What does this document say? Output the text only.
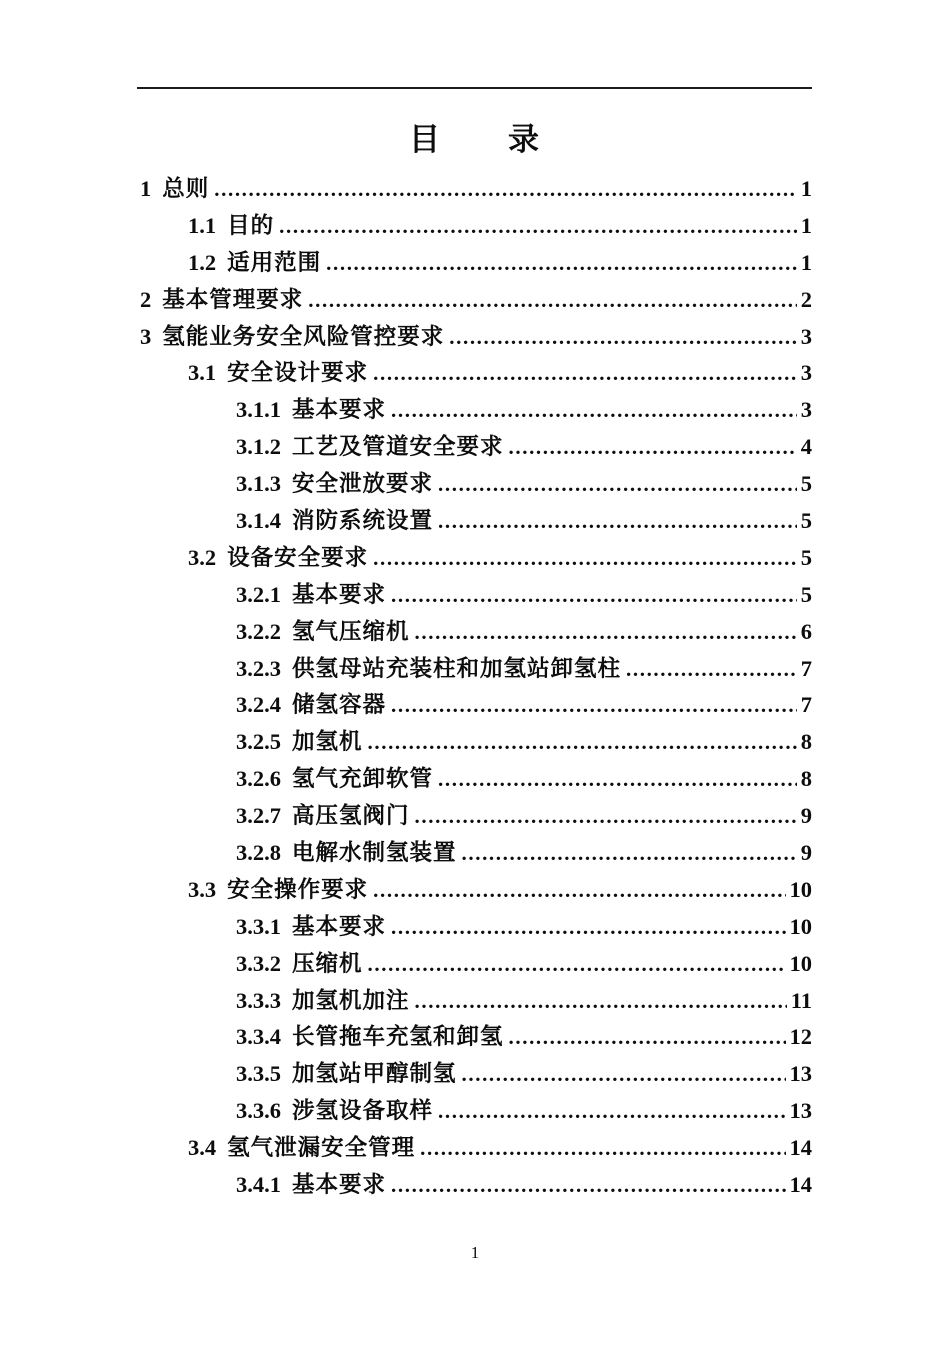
目　　录
1 总则 .....	1
1.1 目的 .....	1
1.2 适用范围 .....	1
2 基本管理要求 .....	2
3 氢能业务安全风险管控要求 .....	3
3.1 安全设计要求 .....	3
3.1.1 基本要求 .....	3
3.1.2 工艺及管道安全要求 .....	4
3.1.3 安全泄放要求 .....	5
3.1.4 消防系统设置 .....	5
3.2 设备安全要求 .....	5
3.2.1 基本要求 .....	5
3.2.2 氢气压缩机 .....	6
3.2.3 供氢母站充装柱和加氢站卸氢柱 .....	7
3.2.4 储氢容器 .....	7
3.2.5 加氢机 .....	8
3.2.6 氢气充卸软管 .....	8
3.2.7 高压氢阀门 .....	9
3.2.8 电解水制氢装置 .....	9
3.3 安全操作要求 .....	10
3.3.1 基本要求 .....	10
3.3.2 压缩机 .....	10
3.3.3 加氢机加注 .....	11
3.3.4 长管拖车充氢和卸氢 .....	12
3.3.5 加氢站甲醇制氢 .....	13
3.3.6 涉氢设备取样 .....	13
3.4 氢气泄漏安全管理 .....	14
3.4.1 基本要求 .....	14
1
